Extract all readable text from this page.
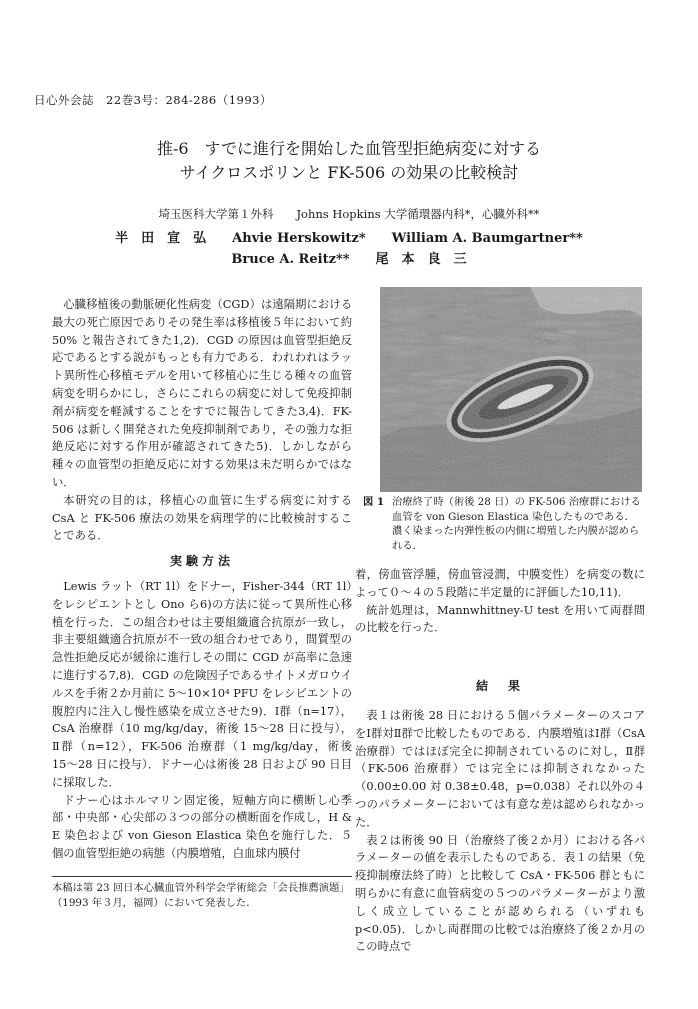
日心外会誌　22巻3号：284-286（1993）
推-6　すでに進行を開始した血管型拒絶病変に対する
サイクロスポリンと FK-506 の効果の比較検討
埼玉医科大学第１外科　　Johns Hopkins 大学循環器内科*，心臓外科**
半　田　宣　弘　　Ahvie Herskowitz*　　William A. Baumgartner**
Bruce A. Reitz**　　尾　本　良　三

心臓移植後の動脈硬化性病変（CGD）は遠隔期における最大の死亡原因でありその発生率は移植後５年において約 50% と報告されてきた1,2)．CGD の原因は血管型拒絶反応であるとする説がもっとも有力である．われわれはラット異所性心移植モデルを用いて移植心に生じる種々の血管病変を明らかにし，さらにこれらの病変に対して免疫抑制剤が病変を軽減することをすでに報告してきた3,4)．FK-506 は新しく開発された免疫抑制剤であり，その強力な拒絶反応に対する作用が確認されてきた5)．しかしながら種々の血管型の拒絶反応に対する効果は未だ明らかではない．

本研究の目的は，移植心の血管に生ずる病変に対する CsA と FK-506 療法の効果を病理学的に比較検討することである．

実験方法

Lewis ラット（RT 1l）をドナー，Fisher-344（RT 1l）をレシピエントとし Ono ら6)の方法に従って異所性心移植を行った．この組合わせは主要組織適合抗原が一致し，非主要組織適合抗原が不一致の組合わせであり，間質型の急性拒絶反応が緩徐に進行しその間に CGD が高率に急速に進行する7,8)．CGD の危険因子であるサイトメガロウイルスを手術２か月前に 5〜10×10⁴ PFU をレシピエントの腹腔内に注入し慢性感染を成立させた9)．Ⅰ群（n=17），CsA 治療群（10 mg/kg/day，術後 15〜28 日に投与），Ⅱ群（n=12），FK-506 治療群（1 mg/kg/day，術後 15〜28 日に投与）．ドナー心は術後 28 日および 90 日目に採取した．

ドナー心はホルマリン固定後，短軸方向に横断し心季部・中央部・心尖部の３つの部分の横断面を作成し，H & E 染色および von Gieson Elastica 染色を施行した．５個の血管型拒絶の病態（内膜増殖，白血球内膜付

図 1 治療終了時（術後 28 日）の FK-506 治療群における血管を von Gieson Elastica 染色したものである．濃く染まった内弾性板の内側に増殖した内膜が認められる．

着，傍血管浮腫，傍血管浸潤，中膜変性）を病変の数によって０〜４の５段階に半定量的に評価した10,11)．

統計処理は，Mannwhittney-U test を用いて両群間の比較を行った．

結　果

表１は術後 28 日における５個パラメーターのスコアをⅠ群対Ⅱ群で比較したものである．内膜増殖はⅠ群（CsA 治療群）ではほぼ完全に抑制されているのに対し，Ⅱ群（FK-506 治療群）では完全には抑制されなかった（0.00±0.00 対 0.38±0.48，p=0.038）それ以外の４つのパラメーターにおいては有意な差は認められなかった．

表２は術後 90 日（治療終了後２か月）における各パラメーターの値を表示したものである．表１の結果（免疫抑制療法終了時）と比較して CsA・FK-506 群ともに明らかに有意に血管病変の５つのパラメーターがより激しく成立していることが認められる（いずれも p<0.05)．しかし両群間の比較では治療終了後２か月のこの時点で

本稿は第 23 回日本心臓血管外科学会学術総会「会長推薦演題」（1993 年３月，福岡）において発表した．
